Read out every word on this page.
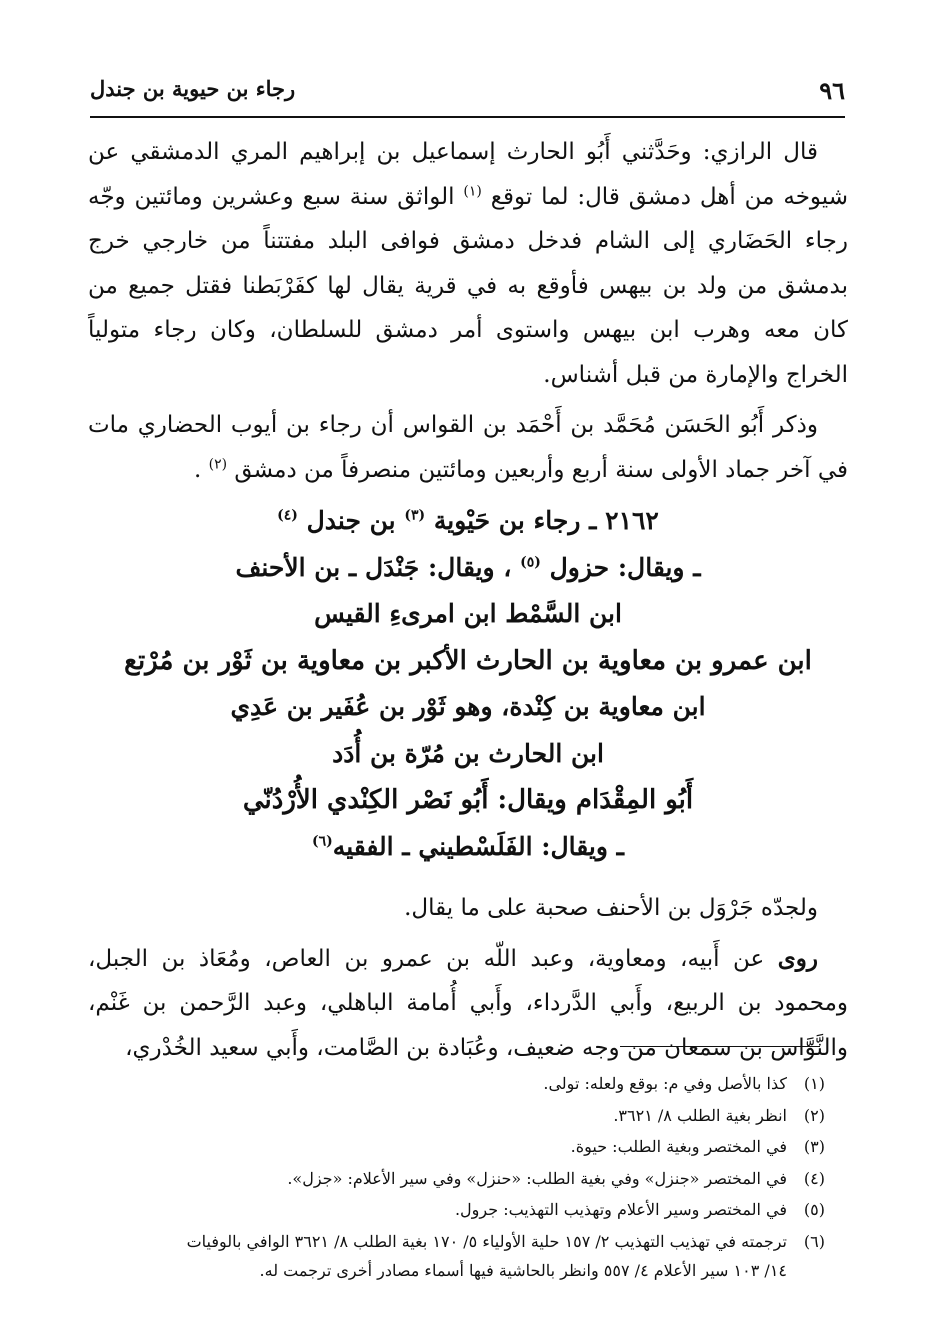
٩٦
رجاء بن حيوية بن جندل

قال الرازي: وحَدَّثني أَبُو الحارث إسماعيل بن إبراهيم المري الدمشقي عن شيوخه من أهل دمشق قال: لما توقع $^{(١)}$ الواثق سنة سبع وعشرين ومائتين وجّه رجاء الحَضَاري إلى الشام فدخل دمشق فوافى البلد مفتتناً من خارجي خرج بدمشق من ولد بن بيهس فأوقع به في قرية يقال لها كفَرْبَطنا فقتل جميع من كان معه وهرب ابن بيهس واستوى أمر دمشق للسلطان، وكان رجاء متولياً الخراج والإمارة من قبل أشناس.

وذكر أَبُو الحَسَن مُحَمَّد بن أَحْمَد بن القواس أن رجاء بن أيوب الحضاري مات في آخر جماد الأولى سنة أربع وأربعين ومائتين منصرفاً من دمشق $^{(٢)}$ .

٢١٦٢ ـ رجاء بن حَيْوية $^{(٣)}$ بن جندل $^{(٤)}$
ـ ويقال: حزول $^{(٥)}$ ، ويقال: جَنْدَل ـ بن الأحنف
ابن السَّمْط ابن امرىءِ القيس
ابن عمرو بن معاوية بن الحارث الأكبر بن معاوية بن ثَوْر بن مُرْتع
ابن معاوية بن كِنْدة، وهو ثَوْر بن عُفَير بن عَدِي
ابن الحارث بن مُرّة بن أُدَد
أَبُو المِقْدَام ويقال: أَبُو نَصْر الكِنْدي الأُرْدُنّي
ـ ويقال: الفَلَسْطيني ـ الفقيه$^{(٦)}$

ولجدّه جَرْوَل بن الأحنف صحبة على ما يقال.

روى عن أَبيه، ومعاوية، وعبد اللّه بن عمرو بن العاص، ومُعَاذ بن الجبل، ومحمود بن الربيع، وأَبي الدَّرداء، وأَبي أُمامة الباهلي، وعبد الرَّحمن بن غَنْم، والنَّوَّاس بن سمعان من وجه ضعيف، وعُبَادة بن الصَّامت، وأَبي سعيد الخُدْري،

(١)
كذا بالأصل وفي م: بوقع ولعله: تولى.
(٢)
انظر بغية الطلب ٨/ ٣٦٢١.
(٣)
في المختصر وبغية الطلب: حيوة.
(٤)
في المختصر «جنزل» وفي بغية الطلب: «حنزل» وفي سير الأعلام: «جزل».
(٥)
في المختصر وسير الأعلام وتهذيب التهذيب: جرول.
(٦)
ترجمته في تهذيب التهذيب ٢/ ١٥٧ حلية الأولياء ٥/ ١٧٠ بغية الطلب ٨/ ٣٦٢١ الوافي بالوفيات
١٤/ ١٠٣ سير الأعلام ٤/ ٥٥٧ وانظر بالحاشية فيها أسماء مصادر أخرى ترجمت له.
